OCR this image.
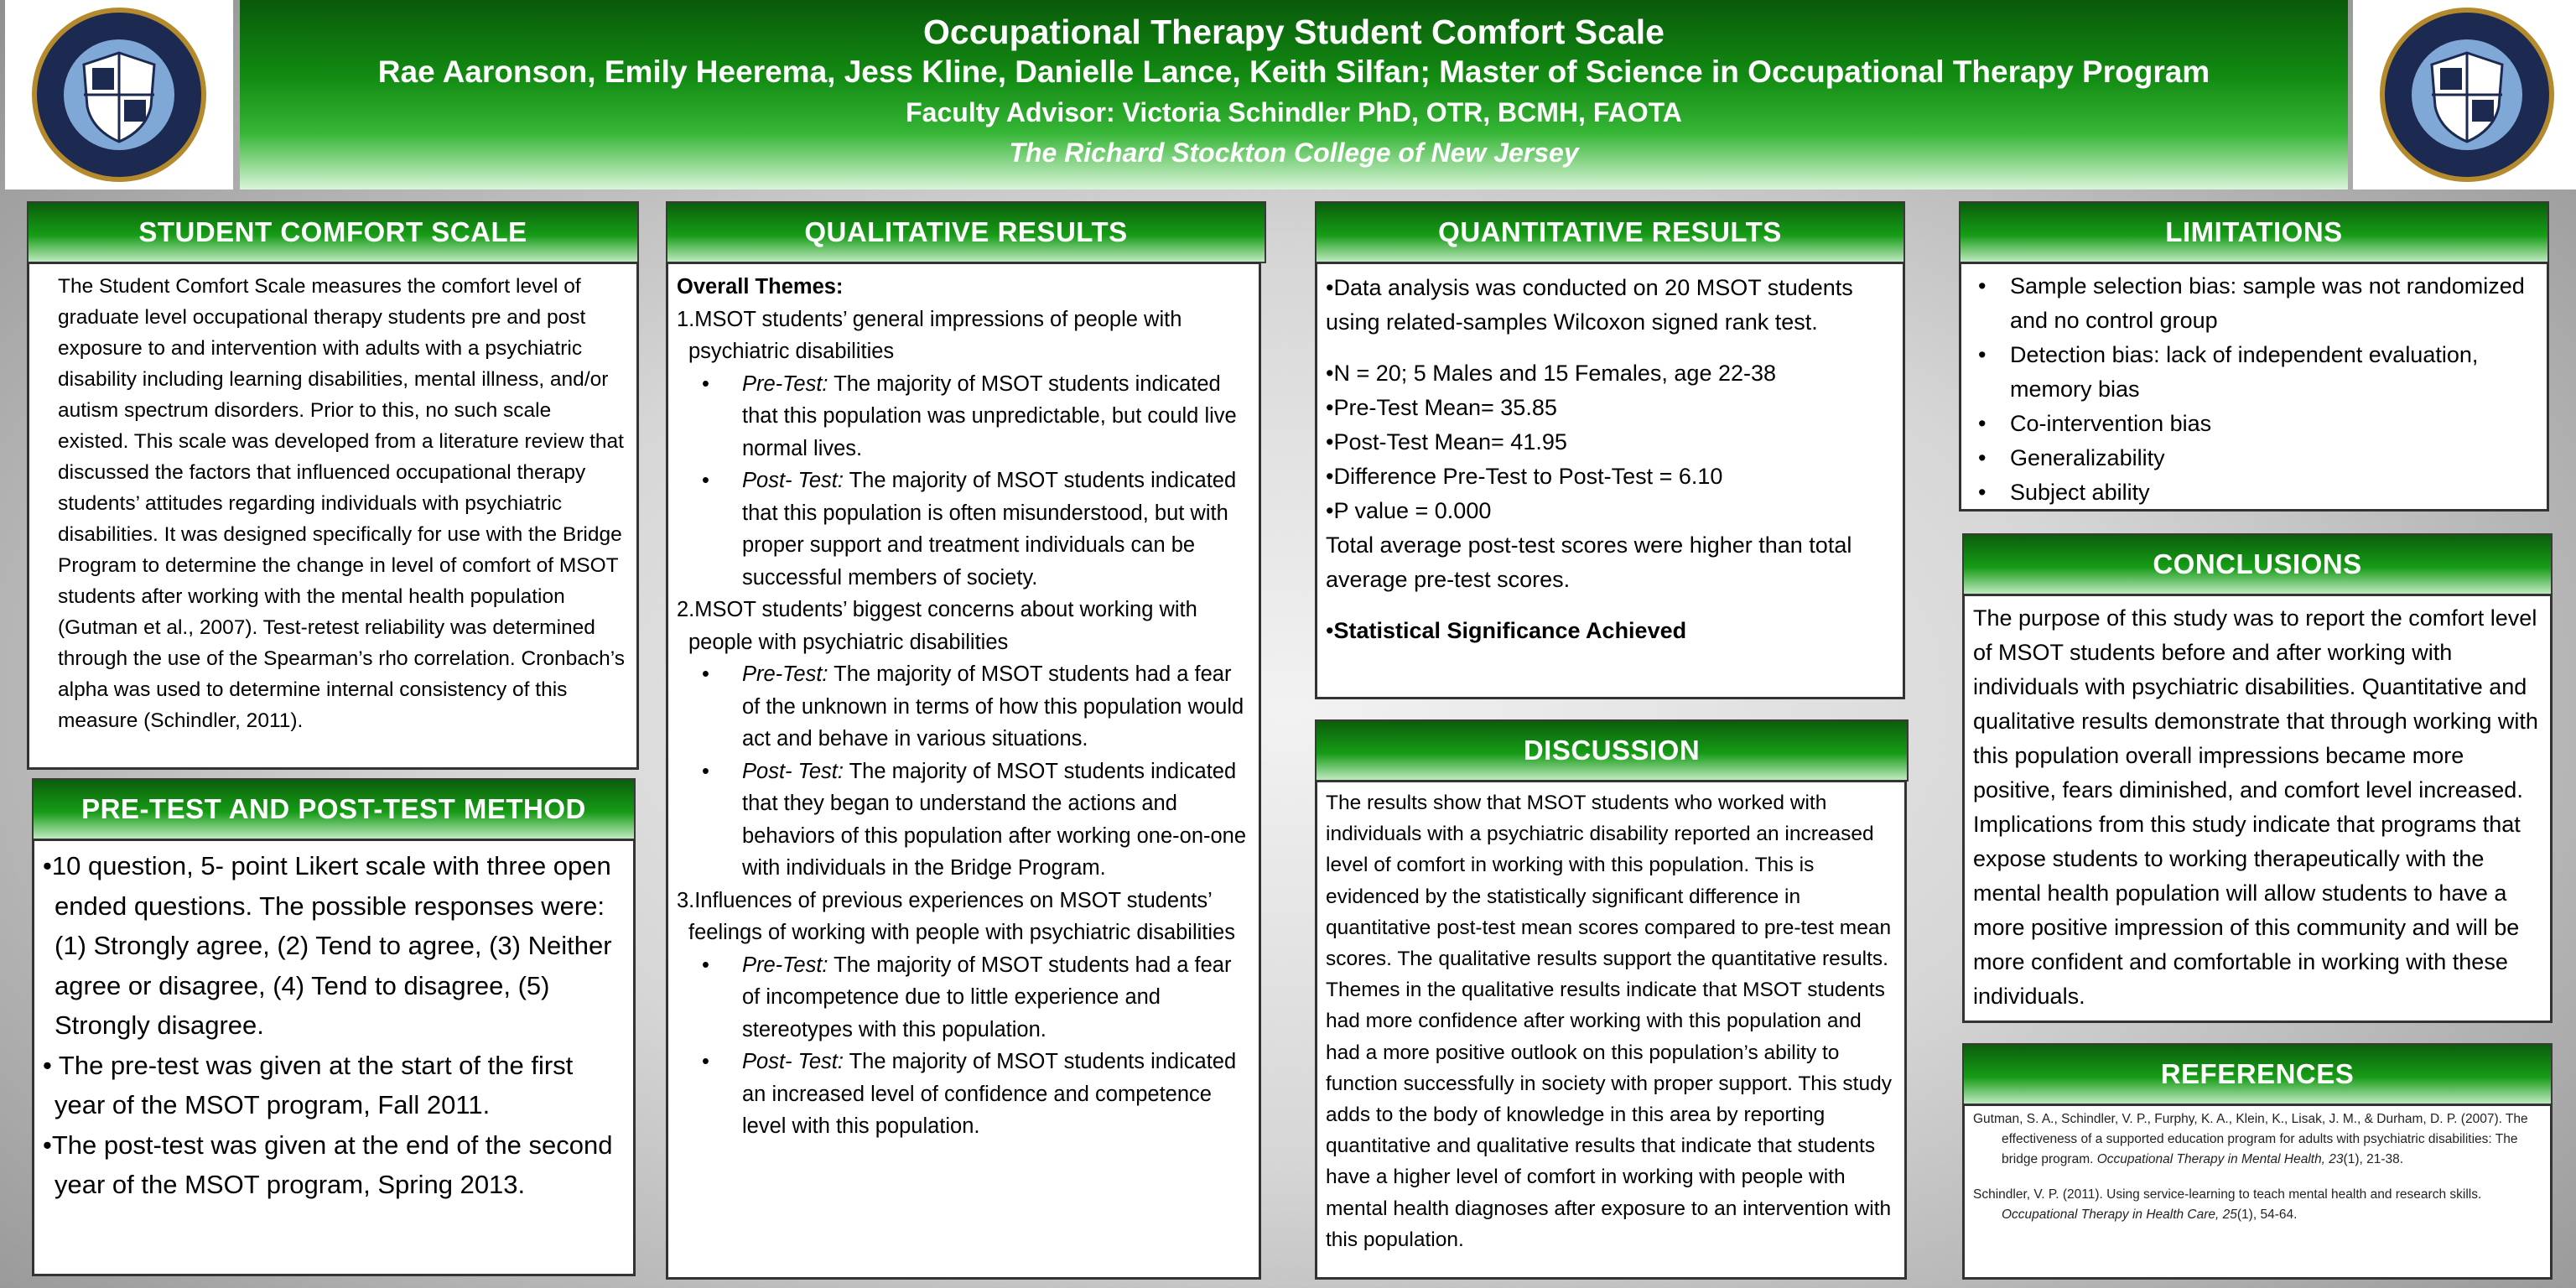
Occupational Therapy Student Comfort Scale
Rae Aaronson, Emily Heerema, Jess Kline, Danielle Lance, Keith Silfan; Master of Science in Occupational Therapy Program
Faculty Advisor: Victoria Schindler PhD, OTR, BCMH, FAOTA
The Richard Stockton College of New Jersey
STUDENT COMFORT SCALE

The Student Comfort Scale measures the comfort level of graduate level occupational therapy students pre and post exposure to and intervention with adults with a psychiatric disability including learning disabilities, mental illness, and/or autism spectrum disorders. Prior to this, no such scale existed. This scale was developed from a literature review that discussed the factors that influenced occupational therapy students’ attitudes regarding individuals with psychiatric disabilities. It was designed specifically for use with the Bridge Program to determine the change in level of comfort of MSOT students after working with the mental health population (Gutman et al., 2007). Test-retest reliability was determined through the use of the Spearman’s rho correlation. Cronbach’s alpha was used to determine internal consistency of this measure (Schindler, 2011).

PRE-TEST AND POST-TEST METHOD

•10 question, 5- point Likert scale with three open ended questions. The possible responses were: (1) Strongly agree, (2) Tend to agree, (3) Neither agree or disagree, (4) Tend to disagree, (5) Strongly disagree.

• The pre-test was given at the start of the first year of the MSOT program, Fall 2011.

•The post-test was given at the end of the second year of the MSOT program, Spring 2013.

QUALITATIVE RESULTS

Overall Themes:

1.MSOT students’ general impressions of people with psychiatric disabilities

• Pre-Test: The majority of MSOT students indicated that this population was unpredictable, but could live normal lives.

• Post- Test: The majority of MSOT students indicated that this population is often misunderstood, but with proper support and treatment individuals can be successful members of society.

2.MSOT students’ biggest concerns about working with people with psychiatric disabilities

• Pre-Test: The majority of MSOT students had a fear of the unknown in terms of how this population would act and behave in various situations.

• Post- Test: The majority of MSOT students indicated that they began to understand the actions and behaviors of this population after working one-on-one with individuals in the Bridge Program.

3.Influences of previous experiences on MSOT students’ feelings of working with people with psychiatric disabilities

• Pre-Test: The majority of MSOT students had a fear of incompetence due to little experience and stereotypes with this population.

• Post- Test: The majority of MSOT students indicated an increased level of confidence and competence level with this population.

QUANTITATIVE RESULTS

•Data analysis was conducted on 20 MSOT students using related-samples Wilcoxon signed rank test.

•N = 20; 5 Males and 15 Females, age 22-38

•Pre-Test Mean= 35.85

•Post-Test Mean= 41.95

•Difference Pre-Test to Post-Test = 6.10

•P value = 0.000

Total average post-test scores were higher than total average pre-test scores.

•Statistical Significance Achieved

DISCUSSION

The results show that MSOT students who worked with individuals with a psychiatric disability reported an increased level of comfort in working with this population. This is evidenced by the statistically significant difference in quantitative post-test mean scores compared to pre-test mean scores. The qualitative results support the quantitative results. Themes in the qualitative results indicate that MSOT students had more confidence after working with this population and had a more positive outlook on this population’s ability to function successfully in society with proper support. This study adds to the body of knowledge in this area by reporting quantitative and qualitative results that indicate that students have a higher level of comfort in working with people with mental health diagnoses after exposure to an intervention with this population.

LIMITATIONS
• Sample selection bias: sample was not randomized and no control group
• Detection bias: lack of independent evaluation, memory bias
• Co-intervention bias
• Generalizability
• Subject ability
CONCLUSIONS

The purpose of this study was to report the comfort level of MSOT students before and after working with individuals with psychiatric disabilities. Quantitative and qualitative results demonstrate that through working with this population overall impressions became more positive, fears diminished, and comfort level increased. Implications from this study indicate that programs that expose students to working therapeutically with the mental health population will allow students to have a more positive impression of this community and will be more confident and comfortable in working with these individuals.

REFERENCES

Gutman, S. A., Schindler, V. P., Furphy, K. A., Klein, K., Lisak, J. M., & Durham, D. P. (2007). The effectiveness of a supported education program for adults with psychiatric disabilities: The bridge program. Occupational Therapy in Mental Health, 23(1), 21-38.

Schindler, V. P. (2011). Using service-learning to teach mental health and research skills. Occupational Therapy in Health Care, 25(1), 54-64.
